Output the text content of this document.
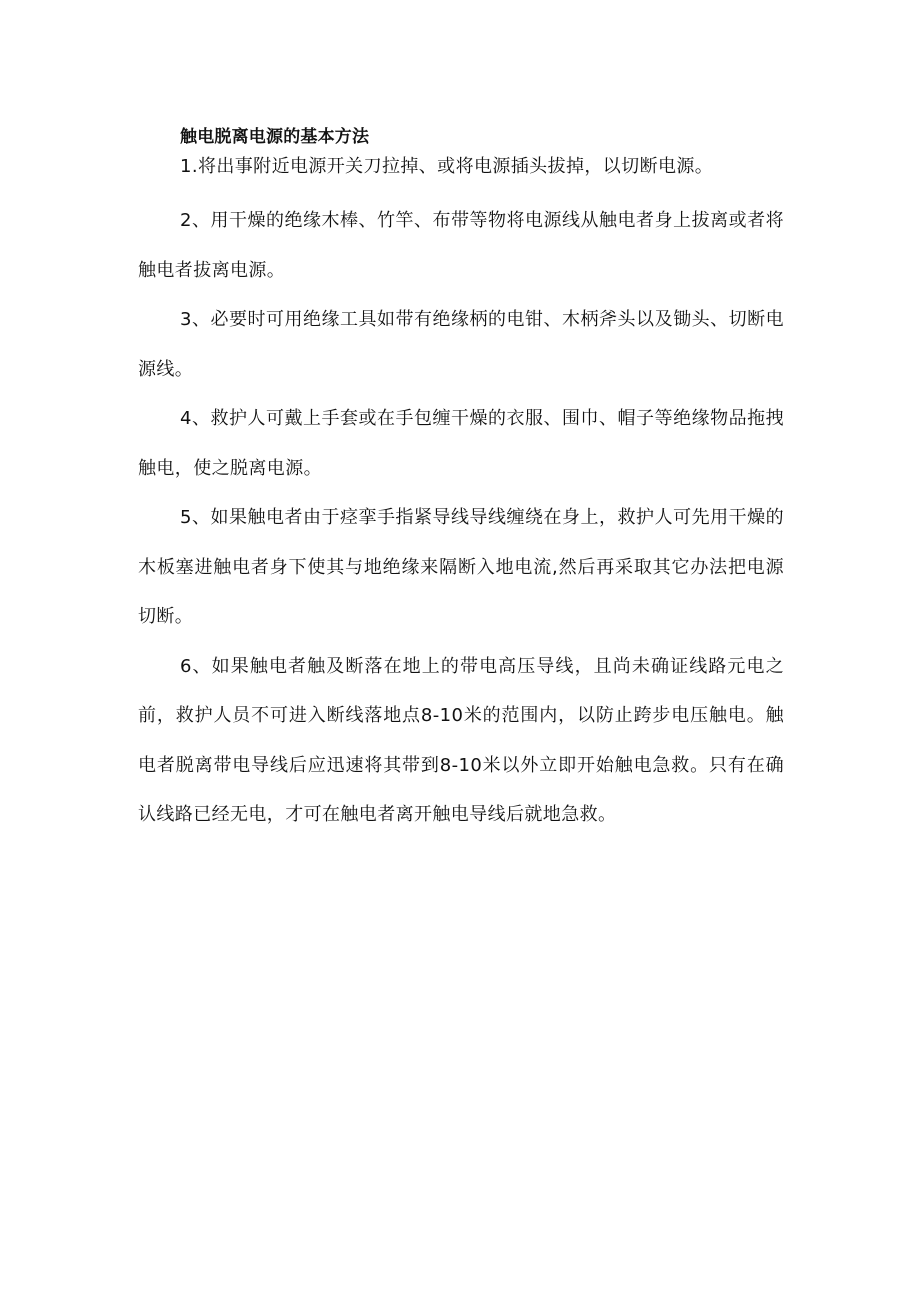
触电脱离电源的基本方法

1.将出事附近电源开关刀拉掉、或将电源插头拔掉，以切断电源。

2、用干燥的绝缘木棒、竹竿、布带等物将电源线从触电者身上拔离或者将触电者拔离电源。

3、必要时可用绝缘工具如带有绝缘柄的电钳、木柄斧头以及锄头、切断电源线。

4、救护人可戴上手套或在手包缠干燥的衣服、围巾、帽子等绝缘物品拖拽触电，使之脱离电源。

5、如果触电者由于痉挛手指紧导线导线缠绕在身上，救护人可先用干燥的木板塞进触电者身下使其与地绝缘来隔断入地电流,然后再采取其它办法把电源切断。

6、如果触电者触及断落在地上的带电高压导线，且尚未确证线路元电之前，救护人员不可进入断线落地点8-10米的范围内，以防止跨步电压触电。触电者脱离带电导线后应迅速将其带到8-10米以外立即开始触电急救。只有在确认线路已经无电，才可在触电者离开触电导线后就地急救。
